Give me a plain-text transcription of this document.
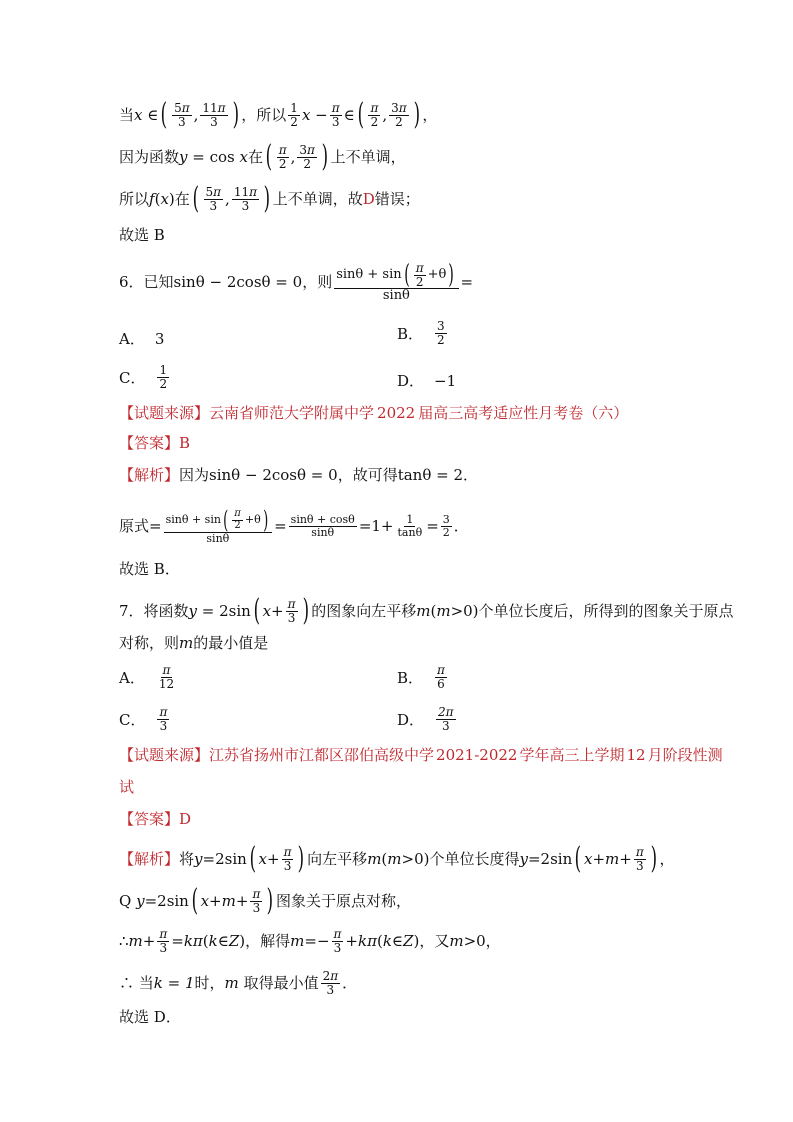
当 x ∈ ( $\frac{5\pi}{3}$ , $\frac{11\pi}{3}$ ) ，所以 $\frac{1}{2}$ $x - \frac{\pi}{3}$ ∈ ( $\frac{\pi}{2}$ , $\frac{3\pi}{2}$ ) ，
因为函数 y = cos x 在 ( $\frac{\pi}{2}$ , $\frac{3\pi}{2}$ ) 上不单调，
所以 f ( x ) 在 ( $\frac{5\pi}{3}$ , $\frac{11\pi}{3}$ ) 上不单调，故 D 错误；
故选
B
6．已知 sinθ − 2cosθ = 0 ，则 $\frac{\sin\theta + \sin ( \frac{\pi}{2} +\theta )}{\sin\theta}$ =
A． 3	B． $\frac{3}{2}$
C． $\frac{1}{2}$	D． −1
【试题来源】 云南省师范大学附属中学 2022 届高三高考适应性月考卷（六）
【答案】 B
【解析】 因为 sinθ − 2cosθ = 0 ，故可得 tanθ = 2 ．
原式 = $\frac{\sin\theta + \sin ( \frac{\pi}{2} +\theta )}{\sin\theta} = \frac{\sin\theta + \cos\theta}{\sin\theta} =1+ \frac{1}{\tan\theta} = \frac{3}{2}$ ．
故选
B ．
7．将函数 y = 2sin ( $x + \frac{\pi}{3}$ ) 的图象向左平移 m ( m >0) 个单位长度后，所得到的图象关于原点
对称，则 m 的最小值是
A． $\frac{\pi}{12}$	B． $\frac{\pi}{6}$
C． $\frac{\pi}{3}$	D． $\frac{2\pi}{3}$
【试题来源】 江苏省扬州市江都区邵伯高级中学 2021-2022 学年高三上学期 12 月阶段性测
试
【答案】 D
【解析】 将 y =2sin ( $x + \frac{\pi}{3}$ ) 向左平移 m ( m >0) 个单位长度得 y =2sin ( $x + m + \frac{\pi}{3}$ ) ，
Q
y =2sin ( $x + m + \frac{\pi}{3}$ ) 图象关于原点对称，
∴ $m + \frac{\pi}{3} = k\pi$ ( k ∈ Z ) ，解得 $m =- \frac{\pi}{3} + k\pi$ ( k ∈ Z ) ，又 m >0，
∴ 当 k = 1 时， m
取得最小值 $\frac{2\pi}{3}$ ．
故选
D ．
